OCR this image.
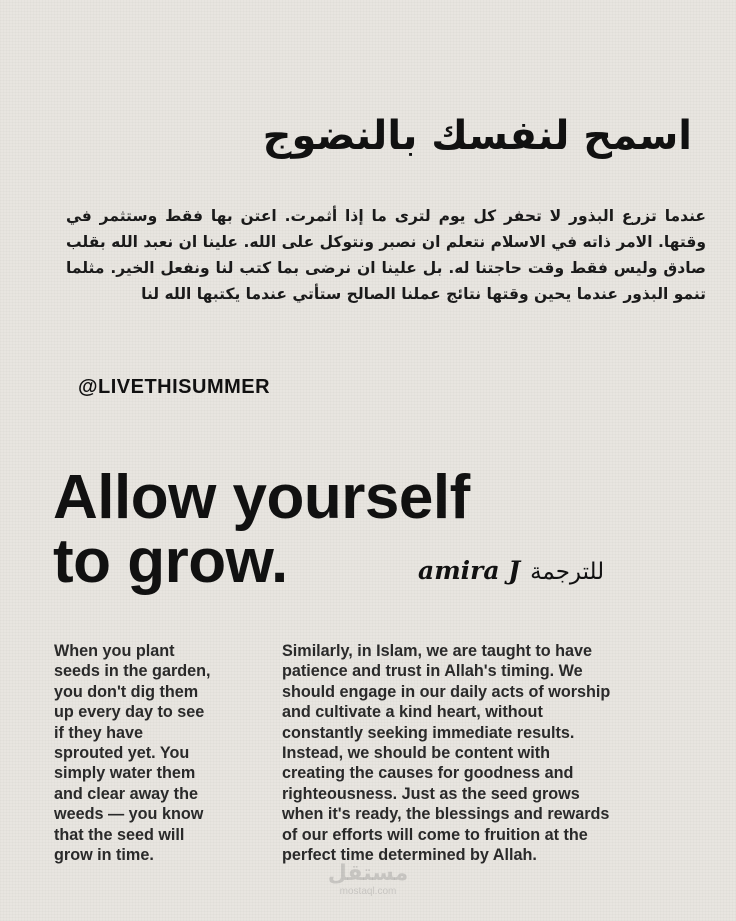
اسمح لنفسك بالنضوج
عندما تزرع البذور لا تحفر كل يوم لترى ما إذا أثمرت. اعتن بها فقط وستثمر في وقتها. الامر ذاته في الاسلام نتعلم ان نصبر ونتوكل على الله. علينا ان نعبد الله بقلب صادق وليس فقط وقت حاجتنا له. بل علينا ان نرضى بما كتب لنا ونفعل الخير. مثلما تنمو البذور عندما يحين وقتها نتائج عملنا الصالح ستأتي عندما يكتبها الله لنا
@LIVETHISUMMER
Allow yourself
to grow.	amira J للترجمة
When you plant
seeds in the garden,
you don't dig them
up every day to see
if they have
sprouted yet. You
simply water them
and clear away the
weeds — you know
that the seed will
grow in time.
Similarly, in Islam, we are taught to have
patience and trust in Allah's timing. We
should engage in our daily acts of worship
and cultivate a kind heart, without
constantly seeking immediate results.
Instead, we should be content with
creating the causes for goodness and
righteousness. Just as the seed grows
when it's ready, the blessings and rewards
of our efforts will come to fruition at the
perfect time determined by Allah.
مستقل
mostaql.com
